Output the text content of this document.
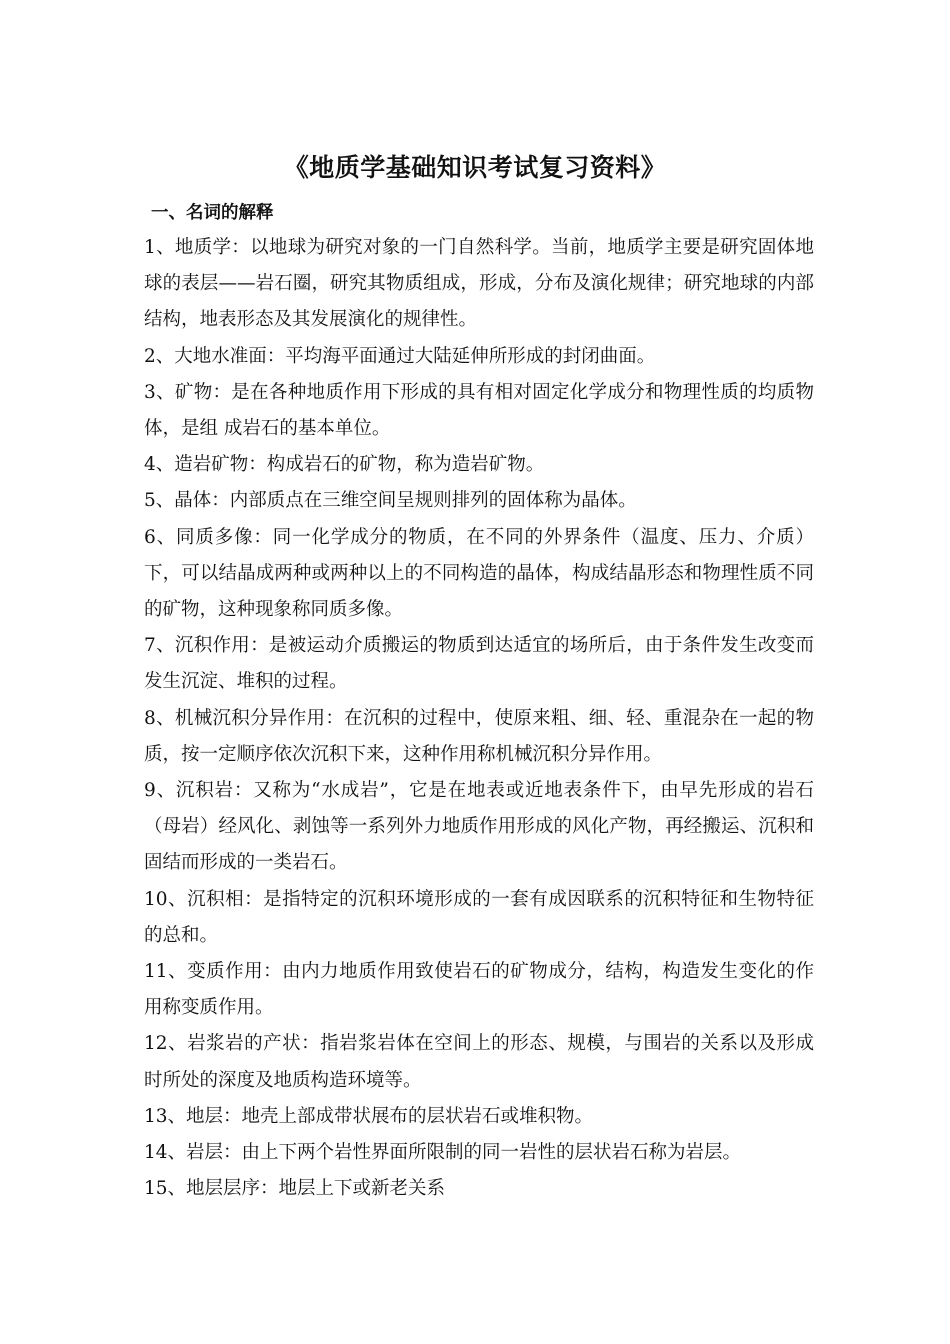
《地质学基础知识考试复习资料》
一、名词的解释

1、地质学：以地球为研究对象的一门自然科学。当前，地质学主要是研究固体地球的表层——岩石圈，研究其物质组成，形成，分布及演化规律；研究地球的内部结构，地表形态及其发展演化的规律性。

2、大地水准面：平均海平面通过大陆延伸所形成的封闭曲面。

3、矿物：是在各种地质作用下形成的具有相对固定化学成分和物理性质的均质物体，是组 成岩石的基本单位。

4、造岩矿物：构成岩石的矿物，称为造岩矿物。

5、晶体：内部质点在三维空间呈规则排列的固体称为晶体。

6、同质多像：同一化学成分的物质，在不同的外界条件（温度、压力、介质）下，可以结晶成两种或两种以上的不同构造的晶体，构成结晶形态和物理性质不同的矿物，这种现象称同质多像。

7、沉积作用：是被运动介质搬运的物质到达适宜的场所后，由于条件发生改变而发生沉淀、堆积的过程。

8、机械沉积分异作用：在沉积的过程中，使原来粗、细、轻、重混杂在一起的物质，按一定顺序依次沉积下来，这种作用称机械沉积分异作用。

9、沉积岩：又称为“水成岩”，它是在地表或近地表条件下，由早先形成的岩石（母岩）经风化、剥蚀等一系列外力地质作用形成的风化产物，再经搬运、沉积和固结而形成的一类岩石。

10、沉积相：是指特定的沉积环境形成的一套有成因联系的沉积特征和生物特征的总和。

11、变质作用：由内力地质作用致使岩石的矿物成分，结构，构造发生变化的作用称变质作用。

12、岩浆岩的产状：指岩浆岩体在空间上的形态、规模，与围岩的关系以及形成时所处的深度及地质构造环境等。

13、地层：地壳上部成带状展布的层状岩石或堆积物。

14、岩层：由上下两个岩性界面所限制的同一岩性的层状岩石称为岩层。

15、地层层序：地层上下或新老关系
